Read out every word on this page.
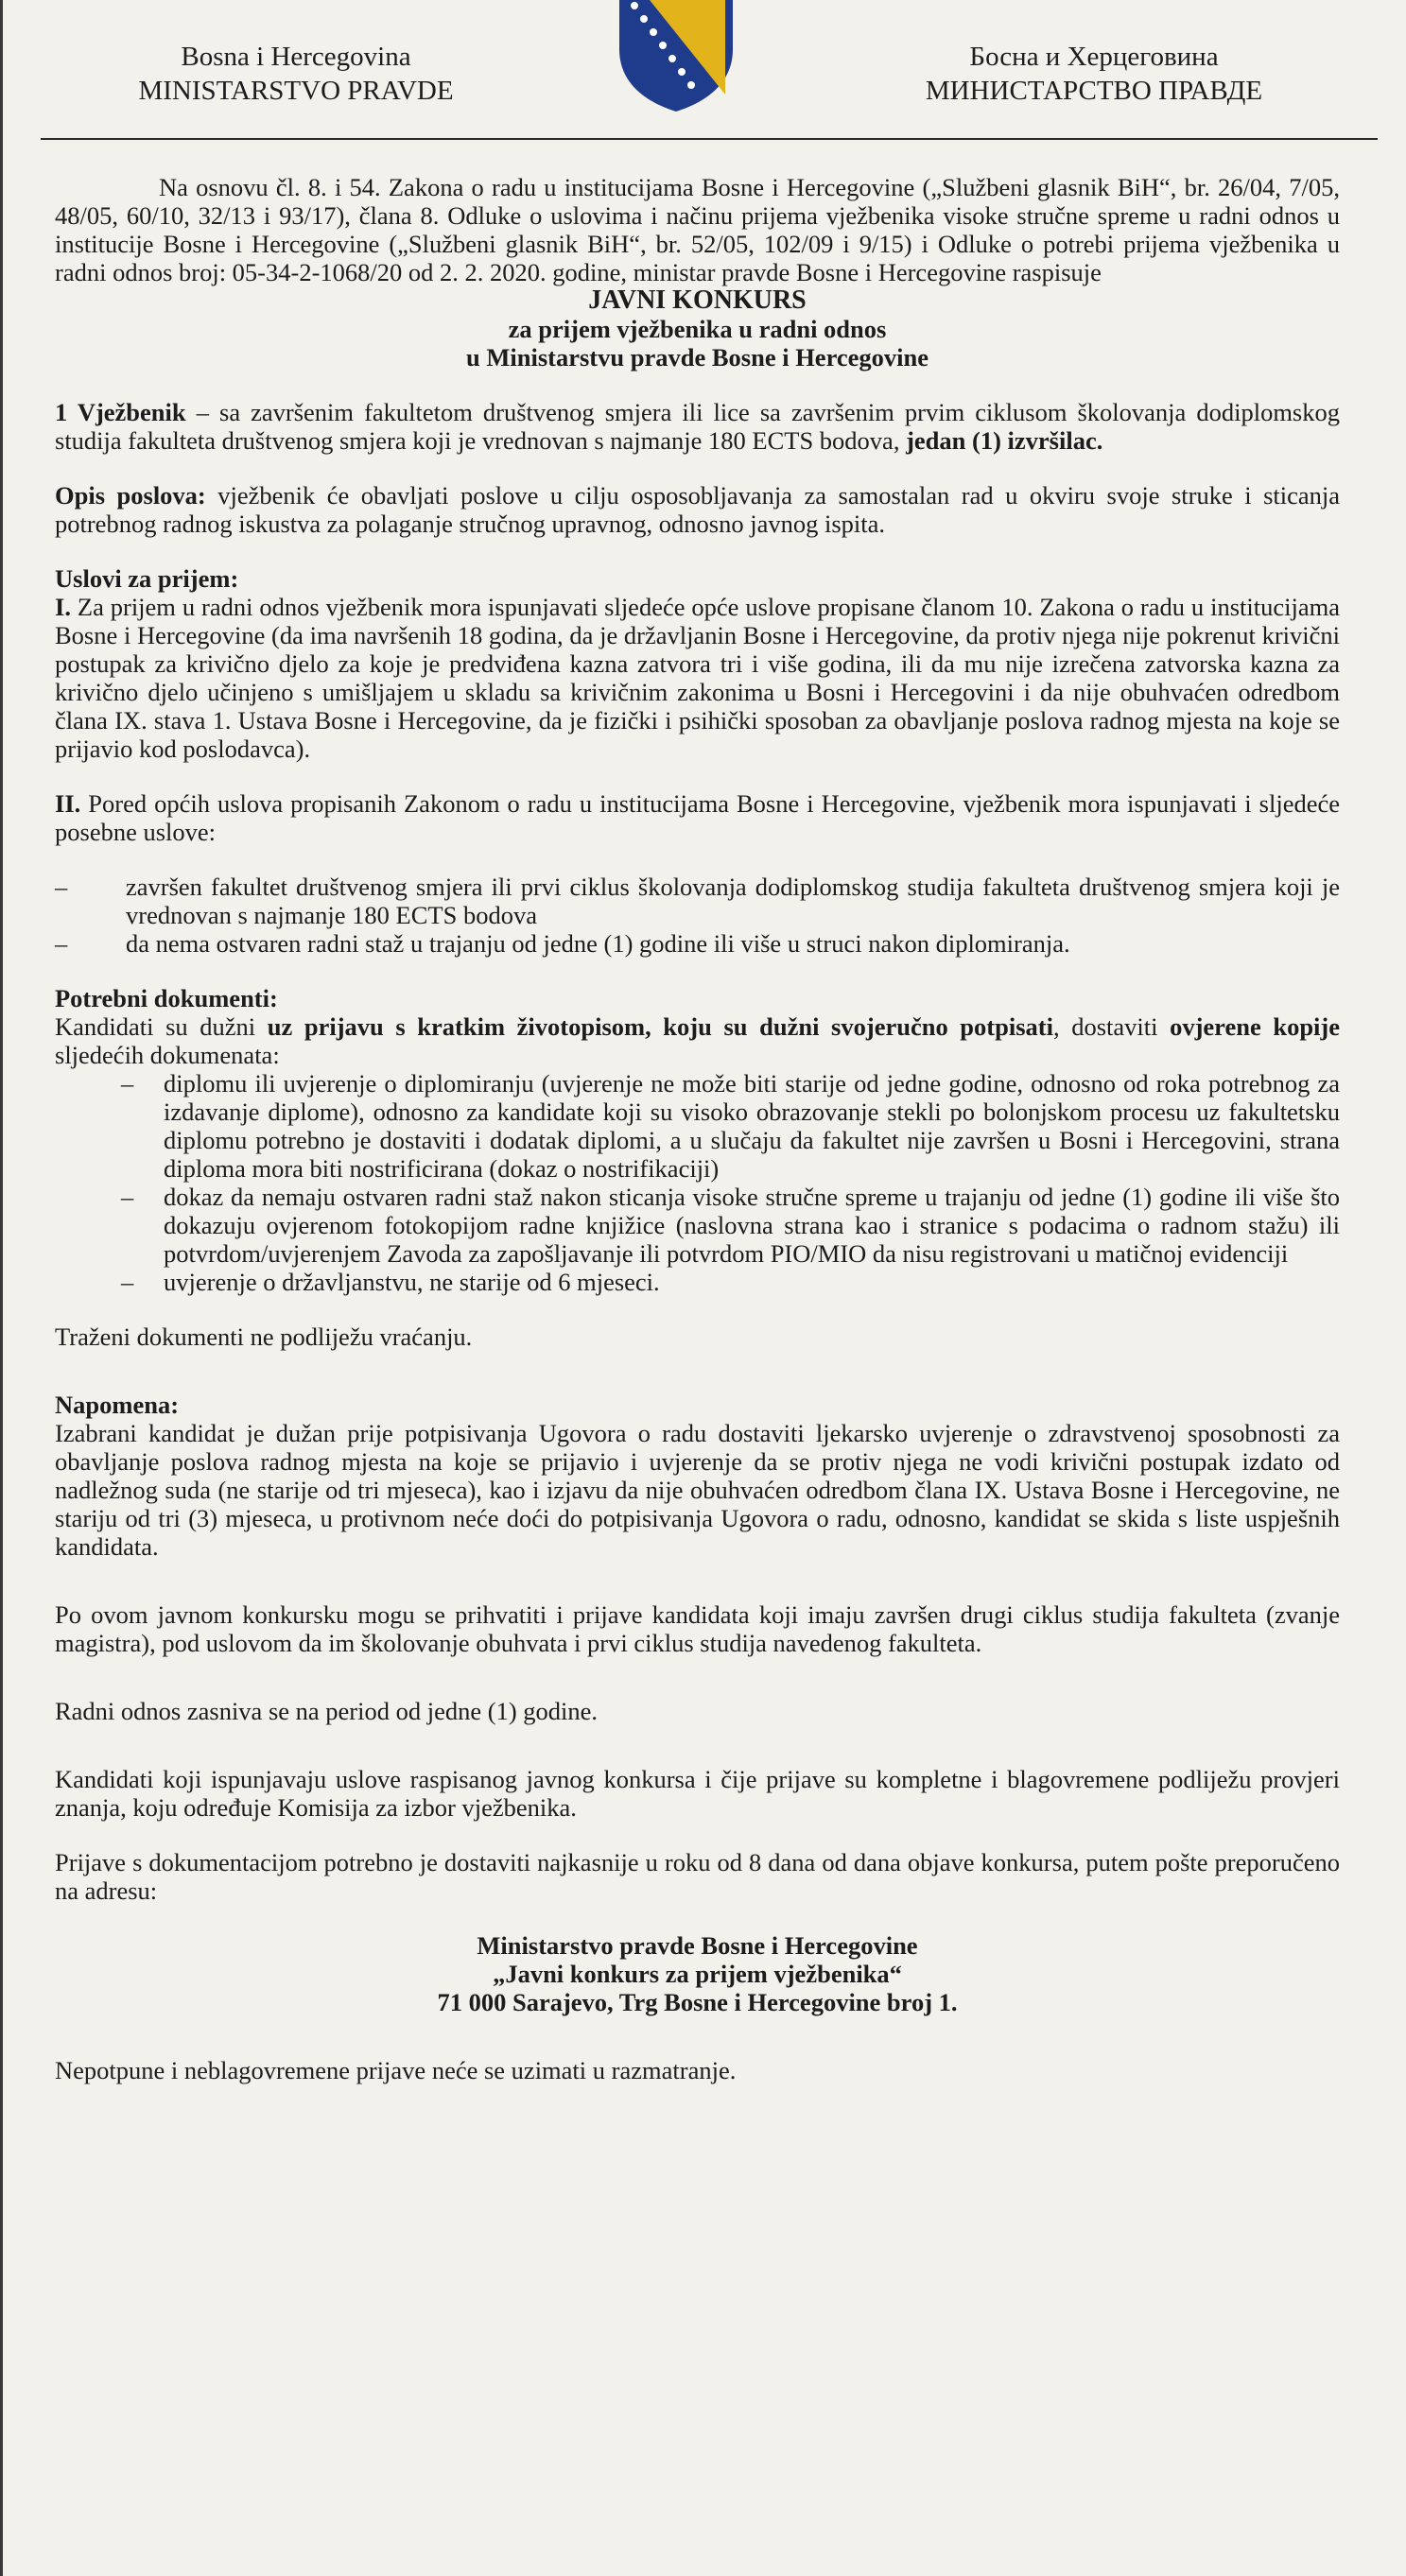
Bosna i Hercegovina
MINISTARSTVO PRAVDE
Босна и Херцеговина
МИНИСТАРСТВО ПРАВДЕ

Na osnovu čl. 8. i 54. Zakona o radu u institucijama Bosne i Hercegovine („Službeni glasnik BiH“, br. 26/04, 7/05, 48/05, 60/10, 32/13 i 93/17), člana 8. Odluke o uslovima i načinu prijema vježbenika visoke stručne spreme u radni odnos u institucije Bosne i Hercegovine („Službeni glasnik BiH“, br. 52/05, 102/09 i 9/15) i Odluke o potrebi prijema vježbenika u radni odnos broj: 05-34-2-1068/20 od 2. 2. 2020. godine, ministar pravde Bosne i Hercegovine raspisuje

JAVNI KONKURS
za prijem vježbenika u radni odnos
u Ministarstvu pravde Bosne i Hercegovine

1 Vježbenik – sa završenim fakultetom društvenog smjera ili lice sa završenim prvim ciklusom školovanja dodiplomskog studija fakulteta društvenog smjera koji je vrednovan s najmanje 180 ECTS bodova, jedan (1) izvršilac.

Opis poslova: vježbenik će obavljati poslove u cilju osposobljavanja za samostalan rad u okviru svoje struke i sticanja potrebnog radnog iskustva za polaganje stručnog upravnog, odnosno javnog ispita.

Uslovi za prijem:

I. Za prijem u radni odnos vježbenik mora ispunjavati sljedeće opće uslove propisane članom 10. Zakona o radu u institucijama Bosne i Hercegovine (da ima navršenih 18 godina, da je državljanin Bosne i Hercegovine, da protiv njega nije pokrenut krivični postupak za krivično djelo za koje je predviđena kazna zatvora tri i više godina, ili da mu nije izrečena zatvorska kazna za krivično djelo učinjeno s umišljajem u skladu sa krivičnim zakonima u Bosni i Hercegovini i da nije obuhvaćen odredbom člana IX. stava 1. Ustava Bosne i Hercegovine, da je fizički i psihički sposoban za obavljanje poslova radnog mjesta na koje se prijavio kod poslodavca).

II. Pored općih uslova propisanih Zakonom o radu u institucijama Bosne i Hercegovine, vježbenik mora ispunjavati i sljedeće posebne uslove:

– završen fakultet društvenog smjera ili prvi ciklus školovanja dodiplomskog studija fakulteta društvenog smjera koji je vrednovan s najmanje 180 ECTS bodova
– da nema ostvaren radni staž u trajanju od jedne (1) godine ili više u struci nakon diplomiranja.

Potrebni dokumenti:

Kandidati su dužni uz prijavu s kratkim životopisom, koju su dužni svojeručno potpisati, dostaviti ovjerene kopije sljedećih dokumenata:

– diplomu ili uvjerenje o diplomiranju (uvjerenje ne može biti starije od jedne godine, odnosno od roka potrebnog za izdavanje diplome), odnosno za kandidate koji su visoko obrazovanje stekli po bolonjskom procesu uz fakultetsku diplomu potrebno je dostaviti i dodatak diplomi, a u slučaju da fakultet nije završen u Bosni i Hercegovini, strana diploma mora biti nostrificirana (dokaz o nostrifikaciji)
– dokaz da nemaju ostvaren radni staž nakon sticanja visoke stručne spreme u trajanju od jedne (1) godine ili više što dokazuju ovjerenom fotokopijom radne knjižice (naslovna strana kao i stranice s podacima o radnom stažu) ili potvrdom/uvjerenjem Zavoda za zapošljavanje ili potvrdom PIO/MIO da nisu registrovani u matičnoj evidenciji
– uvjerenje o državljanstvu, ne starije od 6 mjeseci.

Traženi dokumenti ne podliježu vraćanju.

Napomena:

Izabrani kandidat je dužan prije potpisivanja Ugovora o radu dostaviti ljekarsko uvjerenje o zdravstvenoj sposobnosti za obavljanje poslova radnog mjesta na koje se prijavio i uvjerenje da se protiv njega ne vodi krivični postupak izdato od nadležnog suda (ne starije od tri mjeseca), kao i izjavu da nije obuhvaćen odredbom člana IX. Ustava Bosne i Hercegovine, ne stariju od tri (3) mjeseca, u protivnom neće doći do potpisivanja Ugovora o radu, odnosno, kandidat se skida s liste uspješnih kandidata.

Po ovom javnom konkursku mogu se prihvatiti i prijave kandidata koji imaju završen drugi ciklus studija fakulteta (zvanje magistra), pod uslovom da im školovanje obuhvata i prvi ciklus studija navedenog fakulteta.

Radni odnos zasniva se na period od jedne (1) godine.

Kandidati koji ispunjavaju uslove raspisanog javnog konkursa i čije prijave su kompletne i blagovremene podliježu provjeri znanja, koju određuje Komisija za izbor vježbenika.

Prijave s dokumentacijom potrebno je dostaviti najkasnije u roku od 8 dana od dana objave konkursa, putem pošte preporučeno na adresu:

Ministarstvo pravde Bosne i Hercegovine
„Javni konkurs za prijem vježbenika“
71 000 Sarajevo, Trg Bosne i Hercegovine broj 1.

Nepotpune i neblagovremene prijave neće se uzimati u razmatranje.
